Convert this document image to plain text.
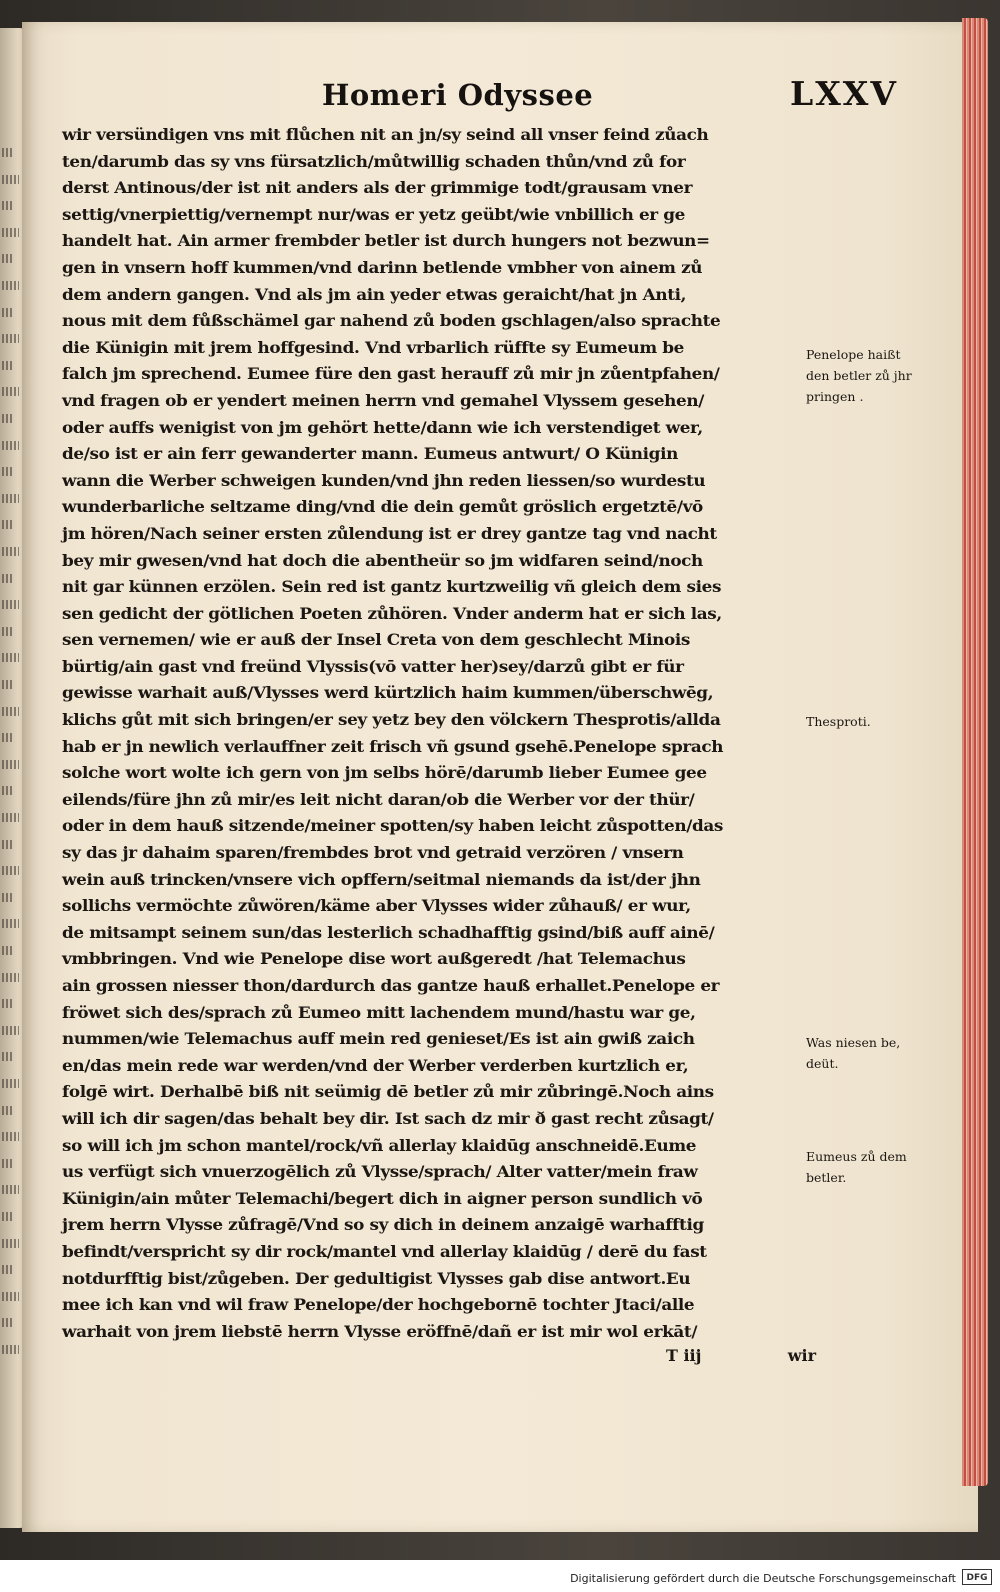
Homeri Odyssee	LXXV
wir versündigen vns mit flůchen nit an jn/sy seind all vnser feind zůach
ten/darumb das sy vns fürsatzlich/můtwillig schaden thůn/vnd zů for
derst Antinous/der ist nit anders als der grimmige todt/grausam vner
settig/vnerpiettig/vernempt nur/was er yetz geübt/wie vnbillich er ge
handelt hat. Ain armer frembder betler ist durch hungers not bezwun=
gen in vnsern hoff kummen/vnd darinn betlende vmbher von ainem zů
dem andern gangen. Vnd als jm ain yeder etwas geraicht/hat jn Anti,
nous mit dem fůßschämel gar nahend zů boden gschlagen/also sprachte
die Künigin mit jrem hoffgesind. Vnd vrbarlich rüffte sy Eumeum be
falch jm sprechend. Eumee füre den gast herauff zů mir jn zůentpfahen/
vnd fragen ob er yendert meinen herrn vnd gemahel Vlyssem gesehen/
oder auffs wenigist von jm gehört hette/dann wie ich verstendiget wer,
de/so ist er ain ferr gewanderter mann. Eumeus antwurt/ O Künigin
wann die Werber schweigen kunden/vnd jhn reden liessen/so wurdestu
wunderbarliche seltzame ding/vnd die dein gemůt gröslich ergetztē/vō
jm hören/Nach seiner ersten zůlendung ist er drey gantze tag vnd nacht
bey mir gwesen/vnd hat doch die abentheür so jm widfaren seind/noch
nit gar künnen erzölen. Sein red ist gantz kurtzweilig vñ gleich dem sies
sen gedicht der götlichen Poeten zůhören. Vnder anderm hat er sich las,
sen vernemen/ wie er auß der Insel Creta von dem geschlecht Minois
bürtig/ain gast vnd freünd Vlyssis(vō vatter her)sey/darzů gibt er für
gewisse warhait auß/Vlysses werd kürtzlich haim kummen/überschwēg,
klichs gůt mit sich bringen/er sey yetz bey den völckern Thesprotis/allda
hab er jn newlich verlauffner zeit frisch vñ gsund gsehē.Penelope sprach
solche wort wolte ich gern von jm selbs hörē/darumb lieber Eumee gee
eilends/füre jhn zů mir/es leit nicht daran/ob die Werber vor der thür/
oder in dem hauß sitzende/meiner spotten/sy haben leicht zůspotten/das
sy das jr dahaim sparen/frembdes brot vnd getraid verzören / vnsern
wein auß trincken/vnsere vich opffern/seitmal niemands da ist/der jhn
sollichs vermöchte zůwören/käme aber Vlysses wider zůhauß/ er wur,
de mitsampt seinem sun/das lesterlich schadhafftig gsind/biß auff ainē/
vmbbringen. Vnd wie Penelope dise wort außgeredt /hat Telemachus
ain grossen niesser thon/dardurch das gantze hauß erhallet.Penelope er
fröwet sich des/sprach zů Eumeo mitt lachendem mund/hastu war ge,
nummen/wie Telemachus auff mein red genieset/Es ist ain gwiß zaich
en/das mein rede war werden/vnd der Werber verderben kurtzlich er,
folgē wirt. Derhalbē biß nit seümig dē betler zů mir zůbringē.Noch ains
will ich dir sagen/das behalt bey dir. Ist sach dz mir ð gast recht zůsagt/
so will ich jm schon mantel/rock/vñ allerlay klaidūg anschneidē.Eume
us verfügt sich vnuerzogēlich zů Vlysse/sprach/ Alter vatter/mein fraw
Künigin/ain můter Telemachi/begert dich in aigner person sundlich vō
jrem herrn Vlysse zůfragē/Vnd so sy dich in deinem anzaigē warhafftig
befindt/verspricht sy dir rock/mantel vnd allerlay klaidūg / derē du fast
notdurfftig bist/zůgeben. Der gedultigist Vlysses gab dise antwort.Eu
mee ich kan vnd wil fraw Penelope/der hochgebornē tochter Jtaci/alle
warhait von jrem liebstē herrn Vlysse eröffnē/dañ er ist mir wol erkāt/
T iij	wir
Penelope haißt
den betler zů jhr
pringen .
Thesproti.
Was niesen be,
deüt.
Eumeus zů dem
betler.
Digitalisierung gefördert durch die Deutsche Forschungsgemeinschaft	DFG
